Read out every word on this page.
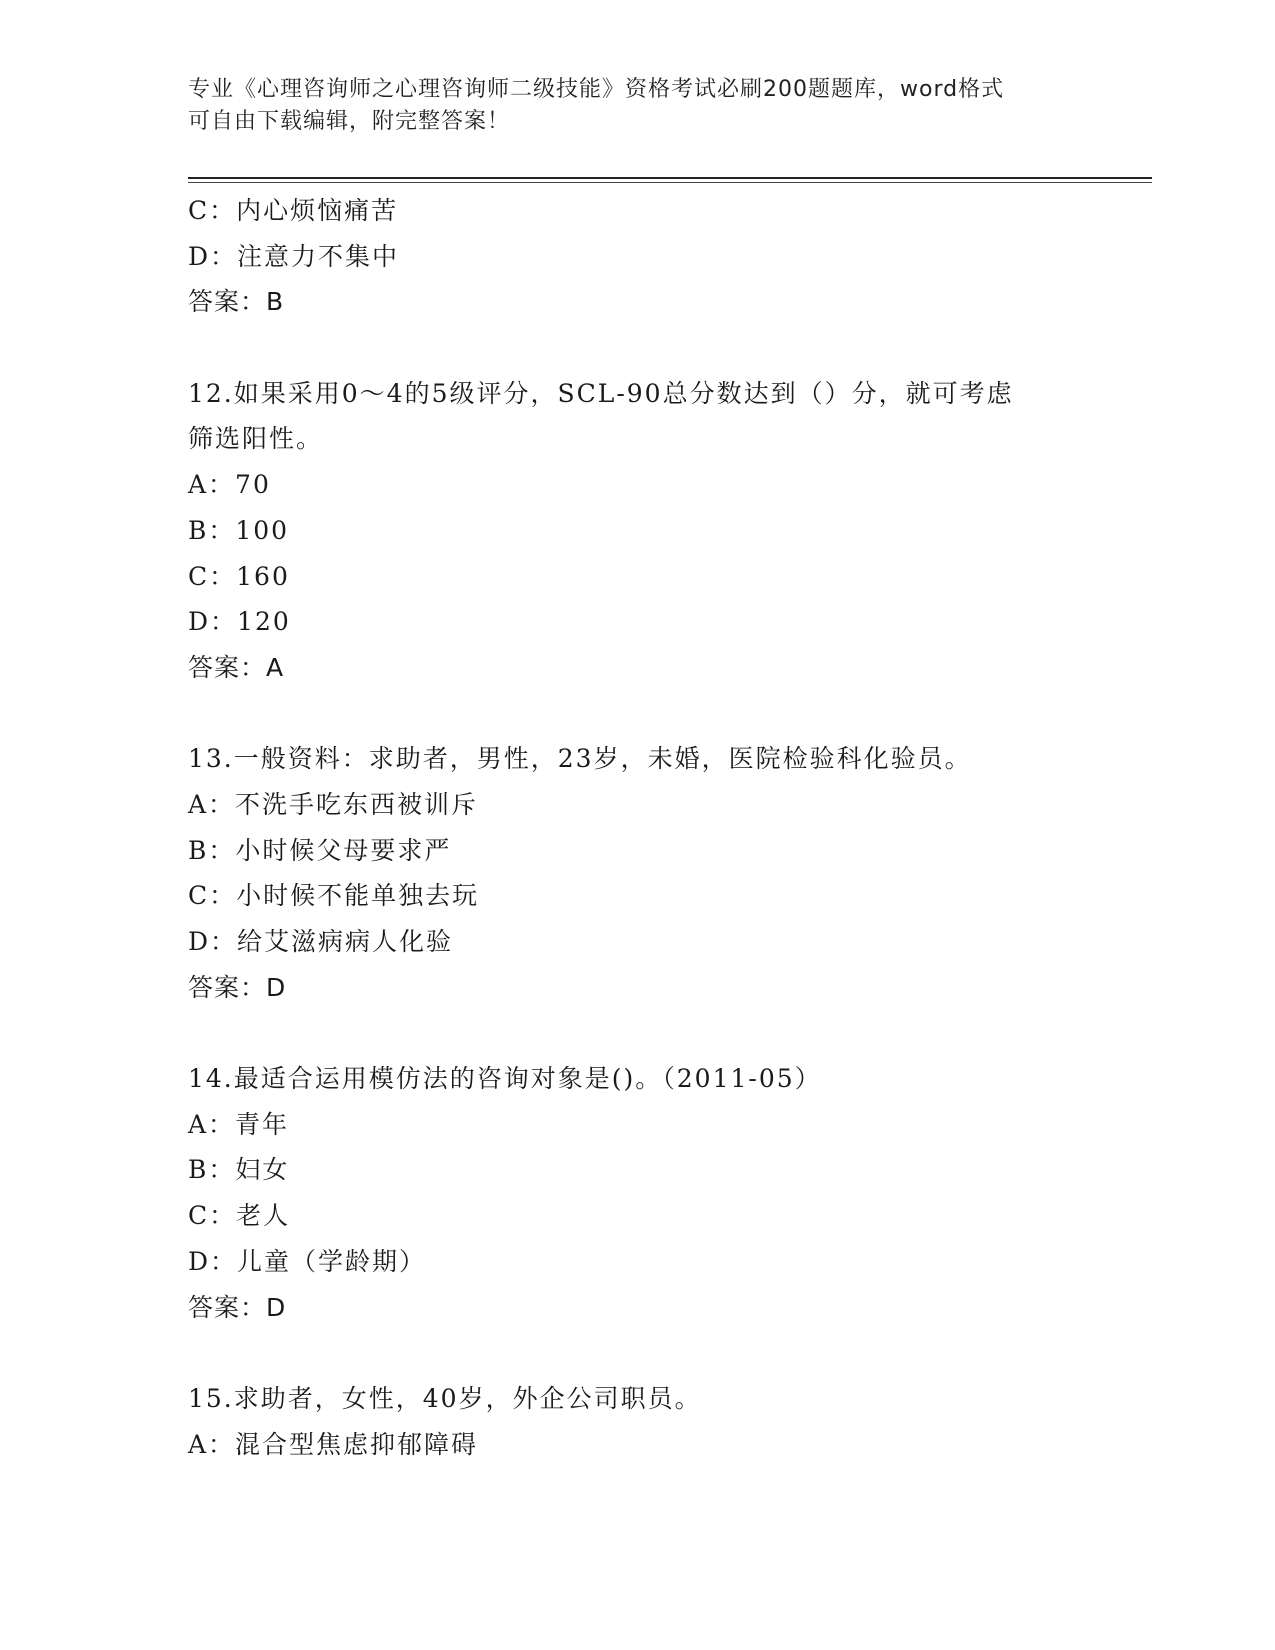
专业《心理咨询师之心理咨询师二级技能》资格考试必刷200题题库，word格式
可自由下载编辑，附完整答案！
C：内心烦恼痛苦
D：注意力不集中
答案：B
12.如果采用0～4的5级评分，SCL-90总分数达到（）分，就可考虑
筛选阳性。
A：70
B：100
C：160
D：120
答案：A
13.一般资料：求助者，男性，23岁，未婚，医院检验科化验员。
A：不洗手吃东西被训斥
B：小时候父母要求严
C：小时候不能单独去玩
D：给艾滋病病人化验
答案：D
14.最适合运用模仿法的咨询对象是()。（2011-05）
A：青年
B：妇女
C：老人
D：儿童（学龄期）
答案：D
15.求助者，女性，40岁，外企公司职员。
A：混合型焦虑抑郁障碍
